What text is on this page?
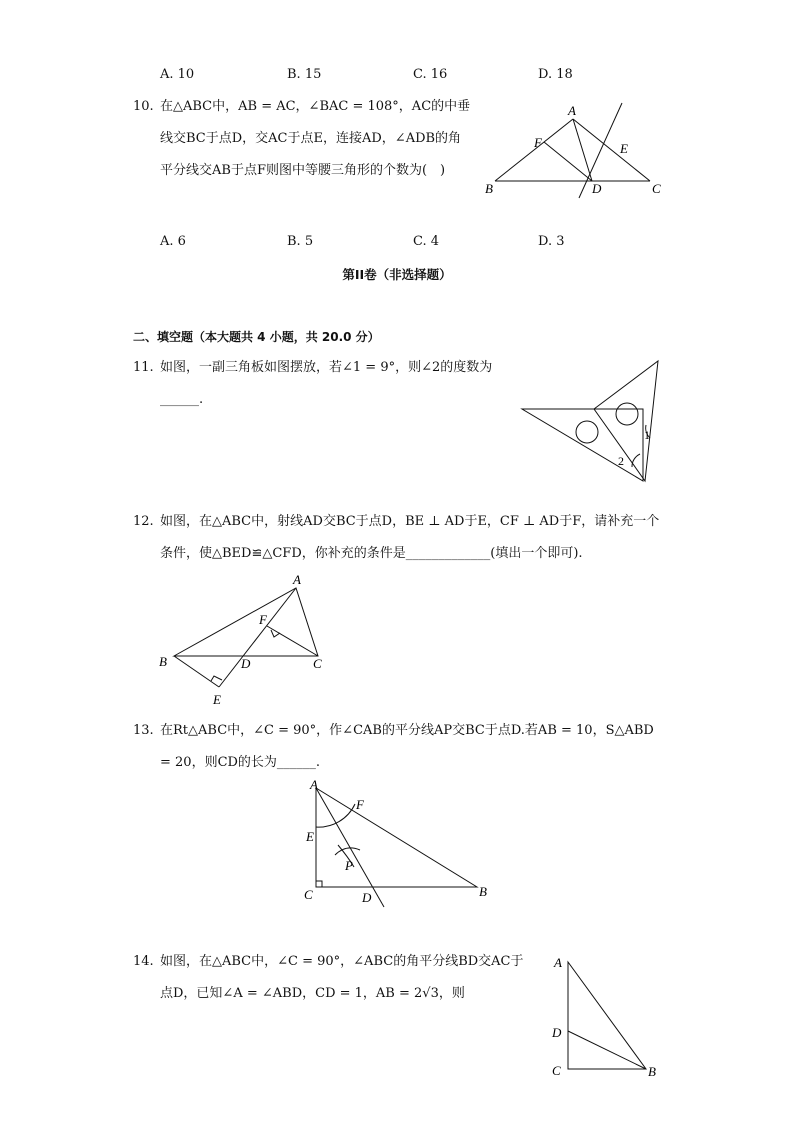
A. 10	B. 15	C. 16	D. 18
10. 在△ABC中，AB = AC，∠BAC = 108°，AC的中垂
线交BC于点D，交AC于点E，连接AD，∠ADB的角
平分线交AB于点F则图中等腰三角形的个数为(　)
B
A
C
D
E
F
A. 6	B. 5	C. 4	D. 3
第II卷（非选择题）
二、填空题（本大题共 4 小题，共 20.0 分）
11. 如图，一副三角板如图摆放，若∠1 = 9°，则∠2的度数为
______.
1
2
12. 如图，在△ABC中，射线AD交BC于点D，BE ⊥ AD于E，CF ⊥ AD于F，请补充一个
条件，使△BED≌△CFD，你补充的条件是_____________(填出一个即可).
A
B	C
D
E
F
13. 在Rt△ABC中，∠C = 90°，作∠CAB的平分线AP交BC于点D.若AB = 10，S△ABD
= 20，则CD的长为______.
A
E
F
P
C	D	B
14. 如图，在△ABC中，∠C = 90°，∠ABC的角平分线BD交AC于
点D，已知∠A = ∠ABD，CD = 1，AB = 2√3，则
A
D
C	B
